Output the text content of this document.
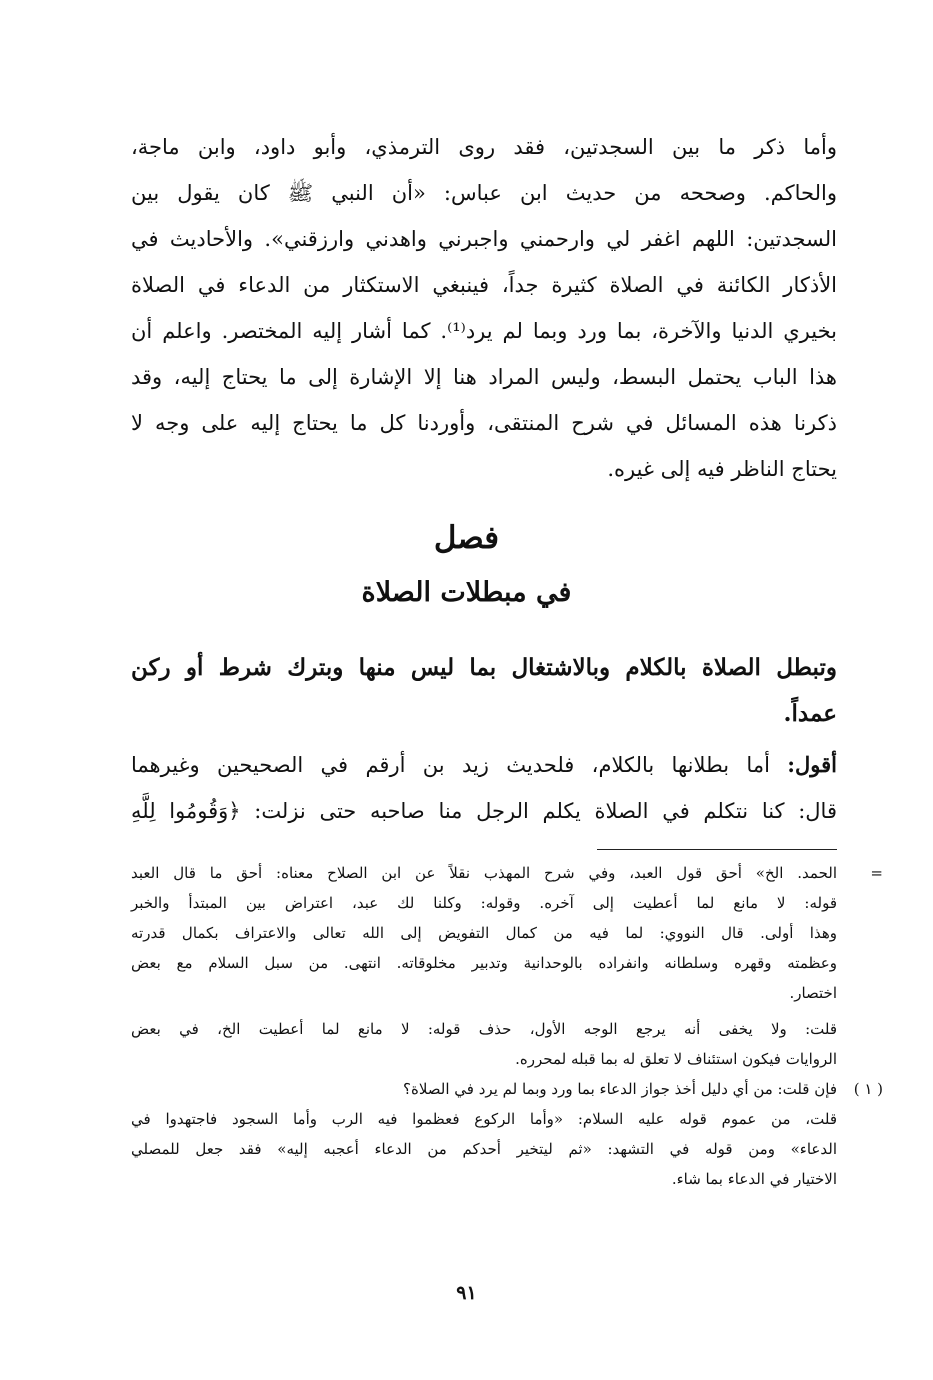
وأما ذكر ما بين السجدتين، فقد روى الترمذي، وأبو داود، وابن ماجة،
والحاكم. وصححه من حديث ابن عباس: «أن النبي ﷺ كان يقول بين
السجدتين: اللهم اغفر لي وارحمني واجبرني واهدني وارزقني». والأحاديث في
الأذكار الكائنة في الصلاة كثيرة جداً، فينبغي الاستكثار من الدعاء في الصلاة
بخيري الدنيا والآخرة، بما ورد وبما لم يرد⁽¹⁾. كما أشار إليه المختصر. واعلم أن
هذا الباب يحتمل البسط، وليس المراد هنا إلا الإشارة إلى ما يحتاج إليه، وقد
ذكرنا هذه المسائل في شرح المنتقى، وأوردنا كل ما يحتاج إليه على وجه لا
يحتاج الناظر فيه إلى غيره.
فصل
في مبطلات الصلاة
وتبطل الصلاة بالكلام وبالاشتغال بما ليس منها وبترك شرط أو ركن
عمداً.
أقول: أما بطلانها بالكلام، فلحديث زيد بن أرقم في الصحيحين وغيرهما
قال: كنا نتكلم في الصلاة يكلم الرجل منا صاحبه حتى نزلت: ﴿وَقُومُوا لِلَّهِ
=
الحمد. الخ» أحق قول العبد، وفي شرح المهذب نقلاً عن ابن الصلاح معناه: أحق ما قال العبد
قوله: لا مانع لما أعطيت إلى آخره. وقوله: وكلنا لك عبد، اعتراض بين المبتدأ والخبر
وهذا أولى. قال النووي: لما فيه من كمال التفويض إلى الله تعالى والاعتراف بكمال قدرته
وعظمته وقهره وسلطانه وانفراده بالوحدانية وتدبير مخلوقاته. انتهى. من سبل السلام مع بعض
اختصار.
قلت: ولا يخفى أنه يرجع الوجه الأول، حذف قوله: لا مانع لما أعطيت الخ، في بعض
الروايات فيكون استئناف لا تعلق له بما قبله لمحرره.
( ١ )
فإن قلت: من أي دليل أخذ جواز الدعاء بما ورد وبما لم يرد في الصلاة؟
قلت، من عموم قوله عليه السلام: «وأما الركوع فعظموا فيه الرب وأما السجود فاجتهدوا في
الدعاء» ومن قوله في التشهد: «ثم ليتخير أحدكم من الدعاء أعجبه إليه» فقد جعل للمصلي
الاختيار في الدعاء بما شاء.
٩١
